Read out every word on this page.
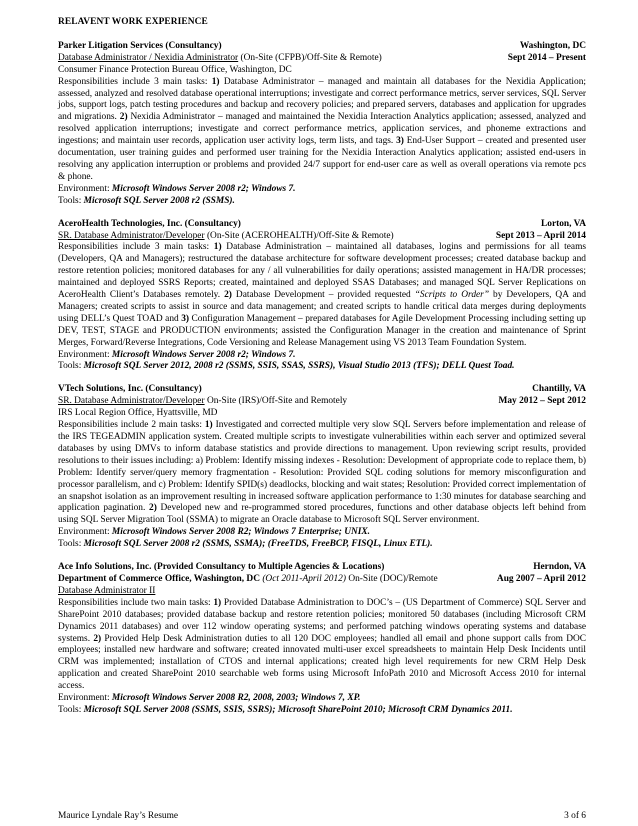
RELAVENT WORK EXPERIENCE
Parker Litigation Services (Consultancy)	Washington, DC
Database Administrator / Nexidia Administrator (On-Site (CFPB)/Off-Site & Remote)	Sept 2014 – Present
Consumer Finance Protection Bureau Office, Washington, DC

Responsibilities include 3 main tasks: 1) Database Administrator – managed and maintain all databases for the Nexidia Application; assessed, analyzed and resolved database operational interruptions; investigate and correct performance metrics, server services, SQL Server jobs, support logs, patch testing procedures and backup and recovery policies; and prepared servers, databases and application for upgrades and migrations. 2) Nexidia Administrator – managed and maintained the Nexidia Interaction Analytics application; assessed, analyzed and resolved application interruptions; investigate and correct performance metrics, application services, and phoneme extractions and ingestions; and maintain user records, application user activity logs, term lists, and tags. 3) End-User Support – created and presented user documentation, user training guides and performed user training for the Nexidia Interaction Analytics application; assisted end-users in resolving any application interruption or problems and provided 24/7 support for end-user care as well as overall operations via remote pcs & phone.

Environment: Microsoft Windows Server 2008 r2; Windows 7.
Tools: Microsoft SQL Server 2008 r2 (SSMS).
AceroHealth Technologies, Inc. (Consultancy)	Lorton, VA
SR. Database Administrator/Developer (On-Site (ACEROHEALTH)/Off-Site & Remote)	Sept 2013 – April 2014

Responsibilities include 3 main tasks: 1) Database Administration – maintained all databases, logins and permissions for all teams (Developers, QA and Managers); restructured the database architecture for software development processes; created database backup and restore retention policies; monitored databases for any / all vulnerabilities for daily operations; assisted management in HA/DR processes; maintained and deployed SSRS Reports; created, maintained and deployed SSAS Databases; and managed SQL Server Replications on AceroHealth Client’s Databases remotely. 2) Database Development – provided requested “Scripts to Order” by Developers, QA and Managers; created scripts to assist in source and data management; and created scripts to handle critical data merges during deployments using DELL’s Quest TOAD and 3) Configuration Management – prepared databases for Agile Development Processing including setting up DEV, TEST, STAGE and PRODUCTION environments; assisted the Configuration Manager in the creation and maintenance of Sprint Merges, Forward/Reverse Integrations, Code Versioning and Release Management using VS 2013 Team Foundation System.

Environment: Microsoft Windows Server 2008 r2; Windows 7.
Tools: Microsoft SQL Server 2012, 2008 r2 (SSMS, SSIS, SSAS, SSRS), Visual Studio 2013 (TFS); DELL Quest Toad.
VTech Solutions, Inc. (Consultancy)	Chantilly, VA
SR. Database Administrator/Developer On-Site (IRS)/Off-Site and Remotely	May 2012 – Sept 2012
IRS Local Region Office, Hyattsville, MD

Responsibilities include 2 main tasks: 1) Investigated and corrected multiple very slow SQL Servers before implementation and release of the IRS TEGEADMIN application system. Created multiple scripts to investigate vulnerabilities within each server and optimized several databases by using DMVs to inform database statistics and provide directions to management. Upon reviewing script results, provided resolutions to their issues including: a) Problem: Identify missing indexes - Resolution: Development of appropriate code to replace them, b) Problem: Identify server/query memory fragmentation - Resolution: Provided SQL coding solutions for memory misconfiguration and processor parallelism, and c) Problem: Identify SPID(s) deadlocks, blocking and wait states; Resolution: Provided correct implementation of an snapshot isolation as an improvement resulting in increased software application performance to 1:30 minutes for database searching and application pagination. 2) Developed new and re-programmed stored procedures, functions and other database objects left behind from using SQL Server Migration Tool (SSMA) to migrate an Oracle database to Microsoft SQL Server environment.

Environment: Microsoft Windows Server 2008 R2; Windows 7 Enterprise; UNIX.
Tools: Microsoft SQL Server 2008 r2 (SSMS, SSMA); (FreeTDS, FreeBCP, FISQL, Linux ETL).
Ace Info Solutions, Inc. (Provided Consultancy to Multiple Agencies & Locations)	Herndon, VA
Department of Commerce Office, Washington, DC (Oct 2011-April 2012) On-Site (DOC)/Remote	Aug 2007 – April 2012
Database Administrator II

Responsibilities include two main tasks: 1) Provided Database Administration to DOC’s – (US Department of Commerce) SQL Server and SharePoint 2010 databases; provided database backup and restore retention policies; monitored 50 databases (including Microsoft CRM Dynamics 2011 databases) and over 112 window operating systems; and performed patching windows operating systems and database systems. 2) Provided Help Desk Administration duties to all 120 DOC employees; handled all email and phone support calls from DOC employees; installed new hardware and software; created innovated multi-user excel spreadsheets to maintain Help Desk Incidents until CRM was implemented; installation of CTOS and internal applications; created high level requirements for new CRM Help Desk application and created SharePoint 2010 searchable web forms using Microsoft InfoPath 2010 and Microsoft Access 2010 for internal access.

Environment: Microsoft Windows Server 2008 R2, 2008, 2003; Windows 7, XP.
Tools: Microsoft SQL Server 2008 (SSMS, SSIS, SSRS); Microsoft SharePoint 2010; Microsoft CRM Dynamics 2011.
Maurice Lyndale Ray’s Resume	3 of 6
